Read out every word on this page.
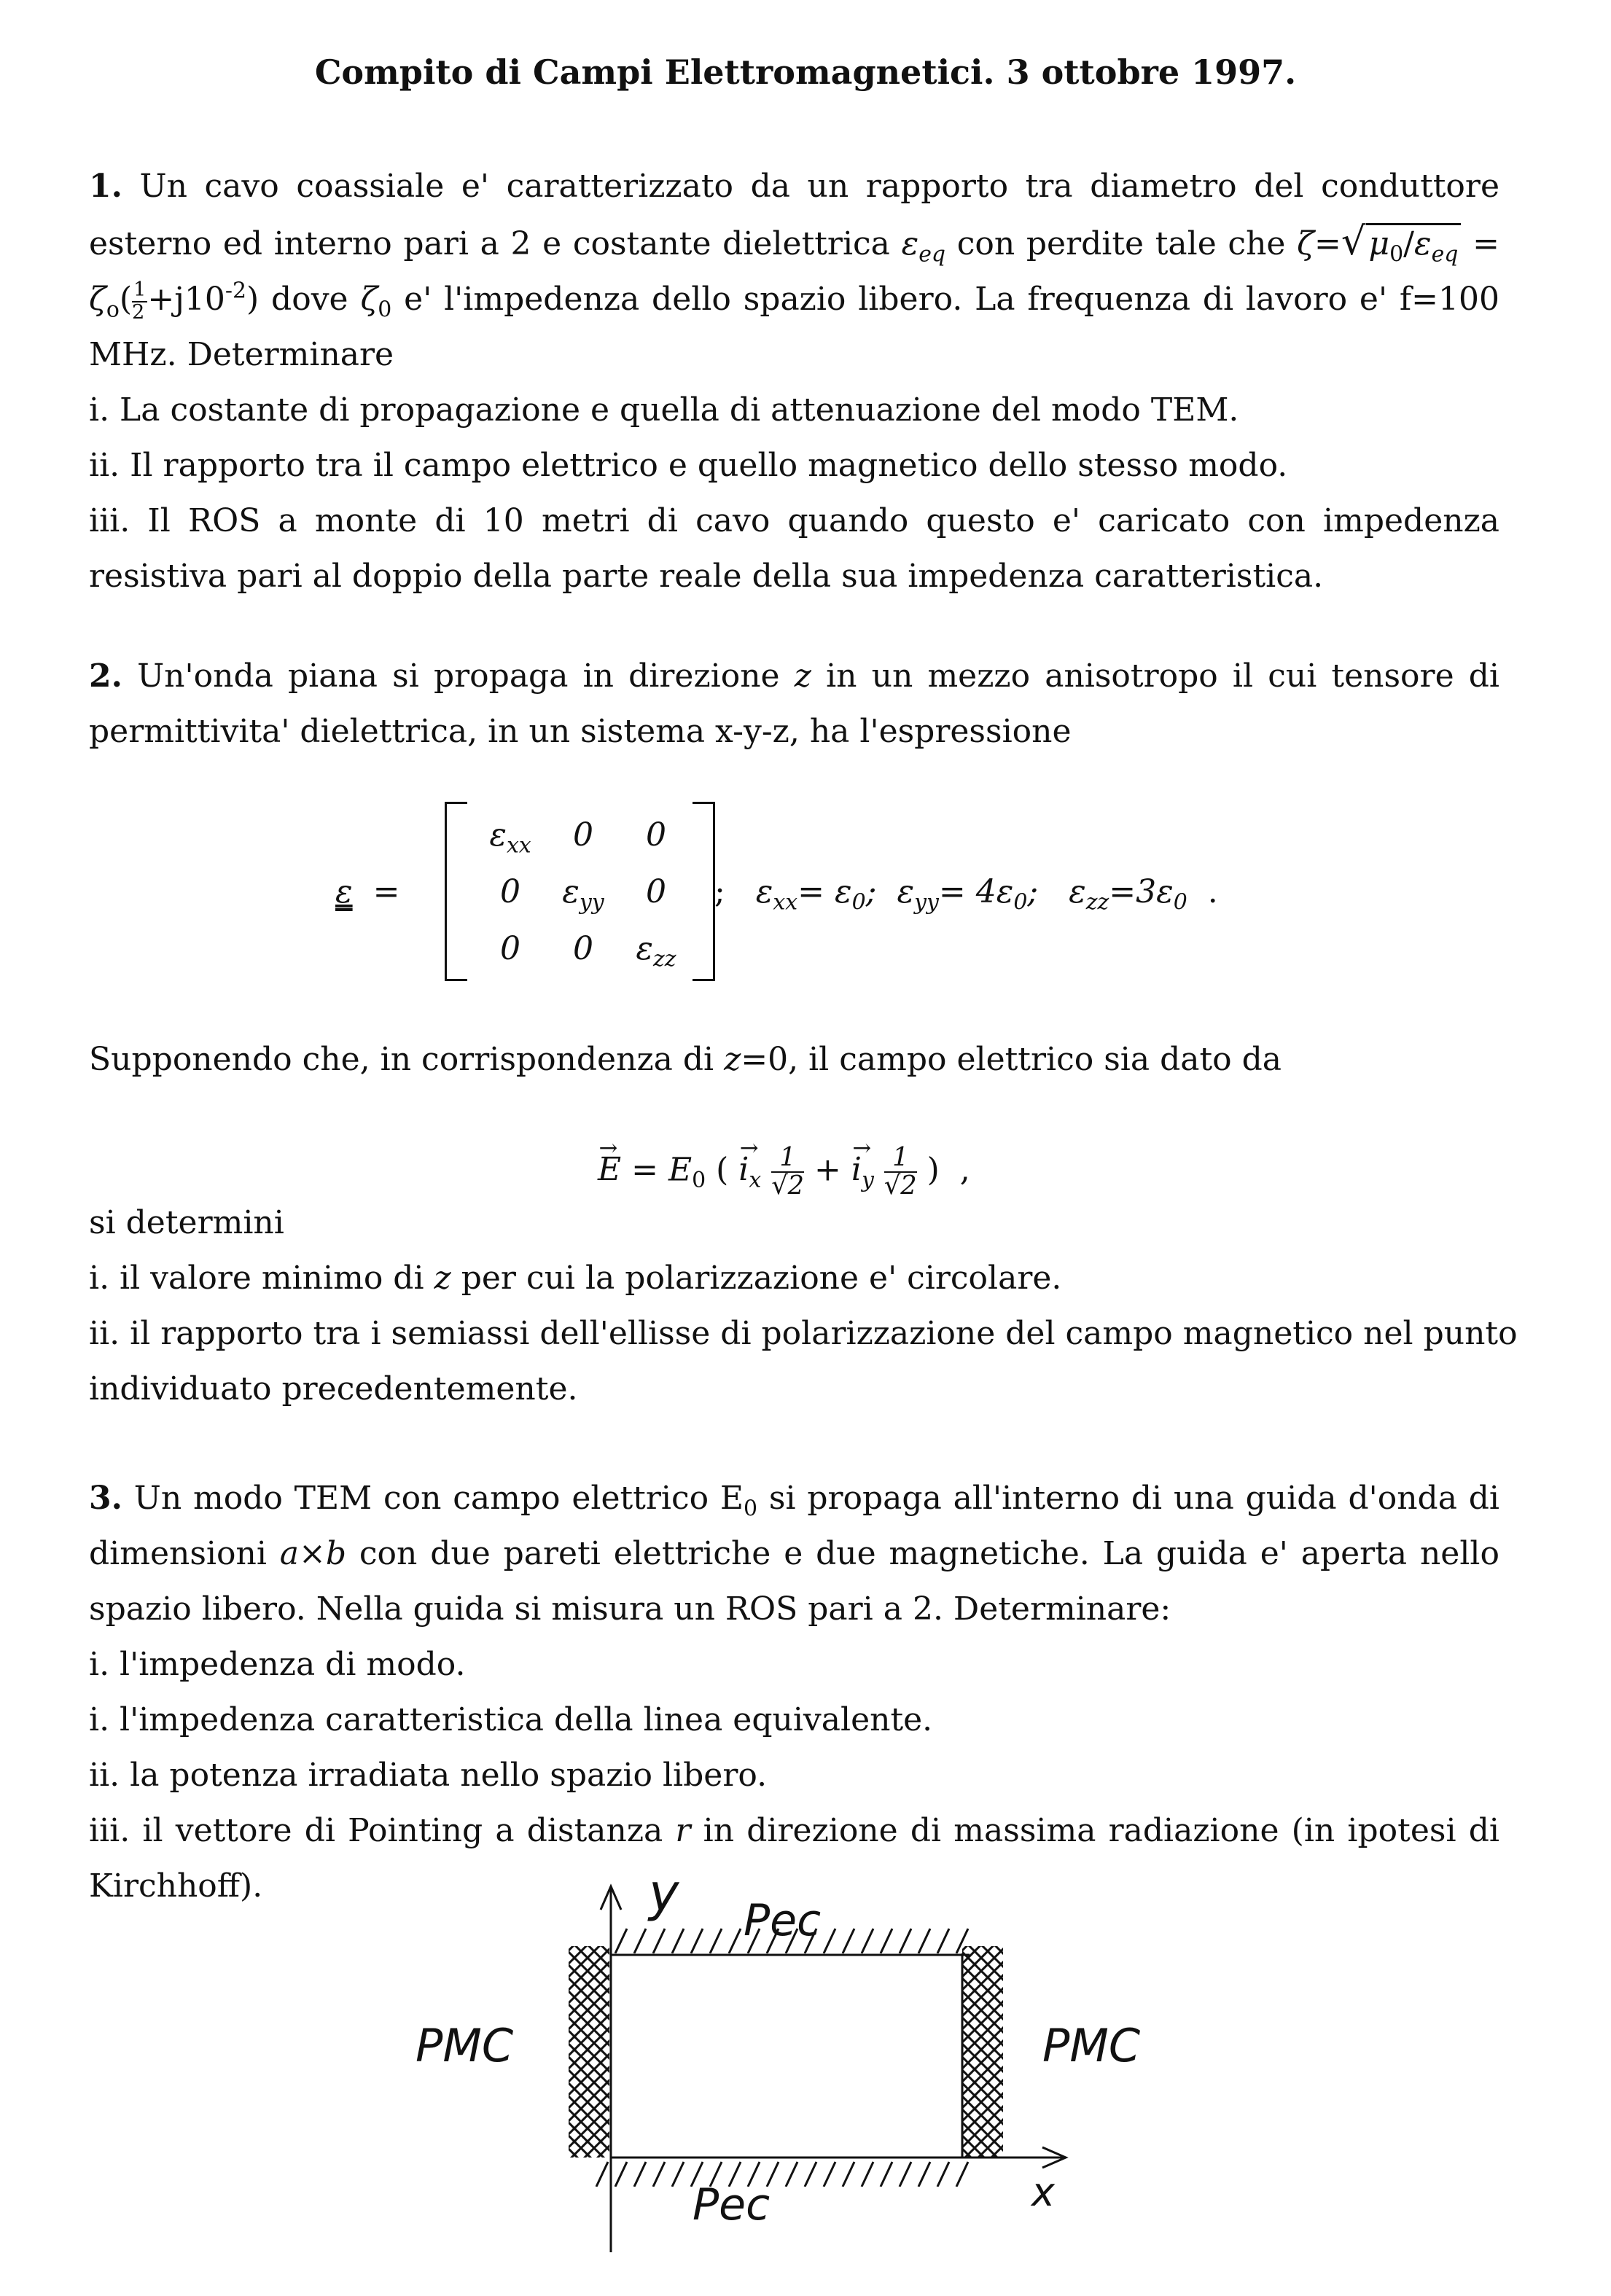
Compito di Campi Elettromagnetici. 3 ottobre 1997.
1. Un cavo coassiale e' caratterizzato da un rapporto tra diametro del conduttore
esterno ed interno pari a 2 e costante dielettrica $\varepsilon_{eq}$ con perdite tale che $\zeta=√\mu_0/\varepsilon_{eq}$ =
$\zeta_o( \frac{1}{2} +j10^{-2})$ dove $\zeta_0$ e' l'impedenza dello spazio libero. La frequenza di lavoro e' f=100
MHz. Determinare
i. La costante di propagazione e quella di attenuazione del modo TEM.
ii. Il rapporto tra il campo elettrico e quello magnetico dello stesso modo.
iii. Il ROS a monte di 10 metri di cavo quando questo e' caricato con impedenza
resistiva pari al doppio della parte reale della sua impedenza caratteristica.
2. Un'onda piana si propaga in direzione z in un mezzo anisotropo il cui tensore di
permittivita' dielettrica, in un sistema x-y-z, ha l'espressione
ε  =
$\varepsilon_{xx}$	0	0
0	$\varepsilon_{yy}$	0
0	0	$\varepsilon_{zz}$
;   $\varepsilon_{xx}= \varepsilon_0$;  $\varepsilon_{yy}= 4\varepsilon_0$;   $\varepsilon_{zz}=3\varepsilon_0$  .
Supponendo che, in corrispondenza di z=0, il campo elettrico sia dato da
→ $E = E_0$ ( → $i_x \frac{1}{√2}$ + → $i_y \frac{1}{√2}$ )  ,
si determini
i. il valore minimo di z per cui la polarizzazione e' circolare.
ii. il rapporto tra i semiassi dell'ellisse di polarizzazione del campo magnetico nel punto
individuato precedentemente.
3. Un modo TEM con campo elettrico $E_0$ si propaga all'interno di una guida d'onda di
dimensioni a×b con due pareti elettriche e due magnetiche. La guida e' aperta nello
spazio libero. Nella guida si misura un ROS pari a 2. Determinare:
i. l'impedenza di modo.
i. l'impedenza caratteristica della linea equivalente.
ii. la potenza irradiata nello spazio libero.
iii. il vettore di Pointing a distanza r in direzione di massima radiazione (in ipotesi di
Kirchhoff).	y Pec
PMC	PMC
Pec	x
